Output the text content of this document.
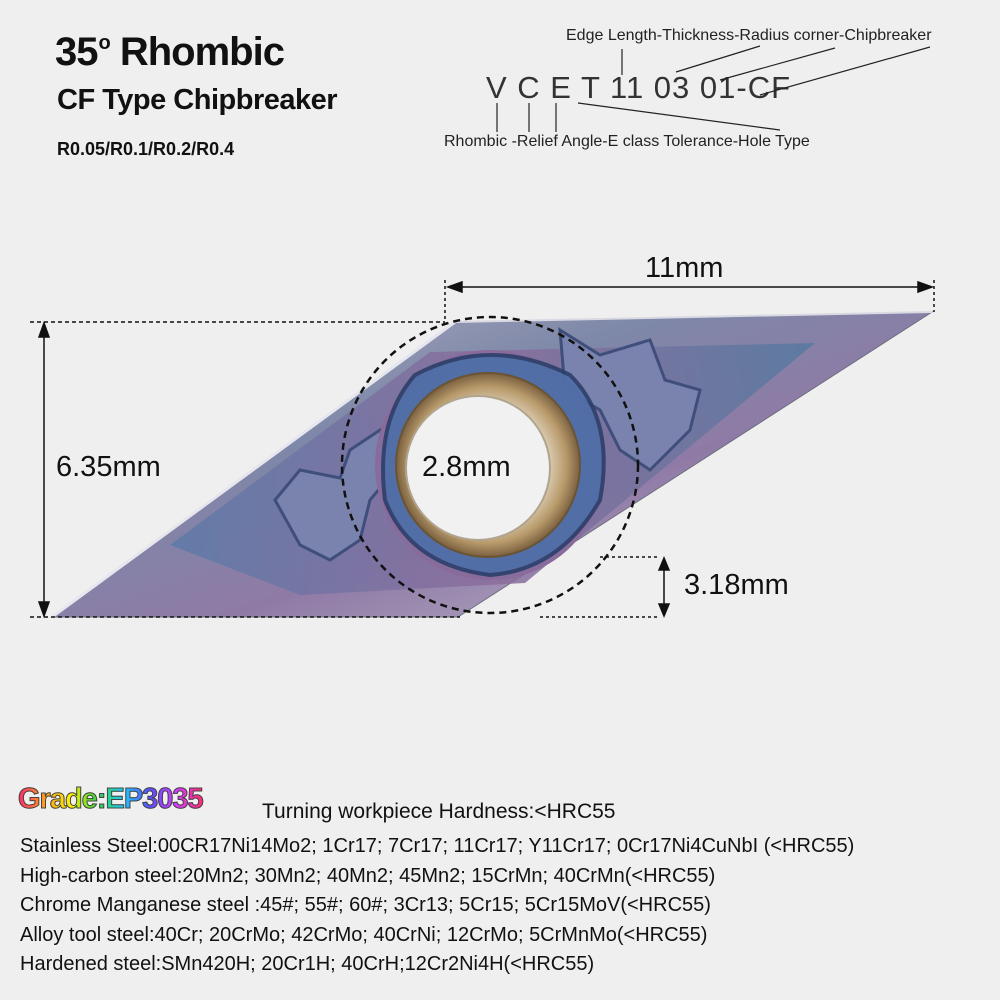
35$^o$ Rhombic
CF Type Chipbreaker
R0.05/R0.1/R0.2/R0.4
Edge Length-Thickness-Radius corner-Chipbreaker
V C E T 11 03 01-CF
Rhombic -Relief Angle-E class Tolerance-Hole Type
11mm
6.35mm	2.8mm
3.18mm
Grade:EP3035	Turning workpiece Hardness:<HRC55
Stainless Steel:00CR17Ni14Mo2; 1Cr17; 7Cr17; 11Cr17; Y11Cr17; 0Cr17Ni4CuNbI (<HRC55)
High-carbon steel:20Mn2; 30Mn2; 40Mn2; 45Mn2; 15CrMn; 40CrMn(<HRC55)
Chrome Manganese steel :45#; 55#; 60#; 3Cr13; 5Cr15; 5Cr15MoV(<HRC55)
Alloy tool steel:40Cr; 20CrMo; 42CrMo; 40CrNi; 12CrMo; 5CrMnMo(<HRC55)
Hardened steel:SMn420H; 20Cr1H; 40CrH;12Cr2Ni4H(<HRC55)
